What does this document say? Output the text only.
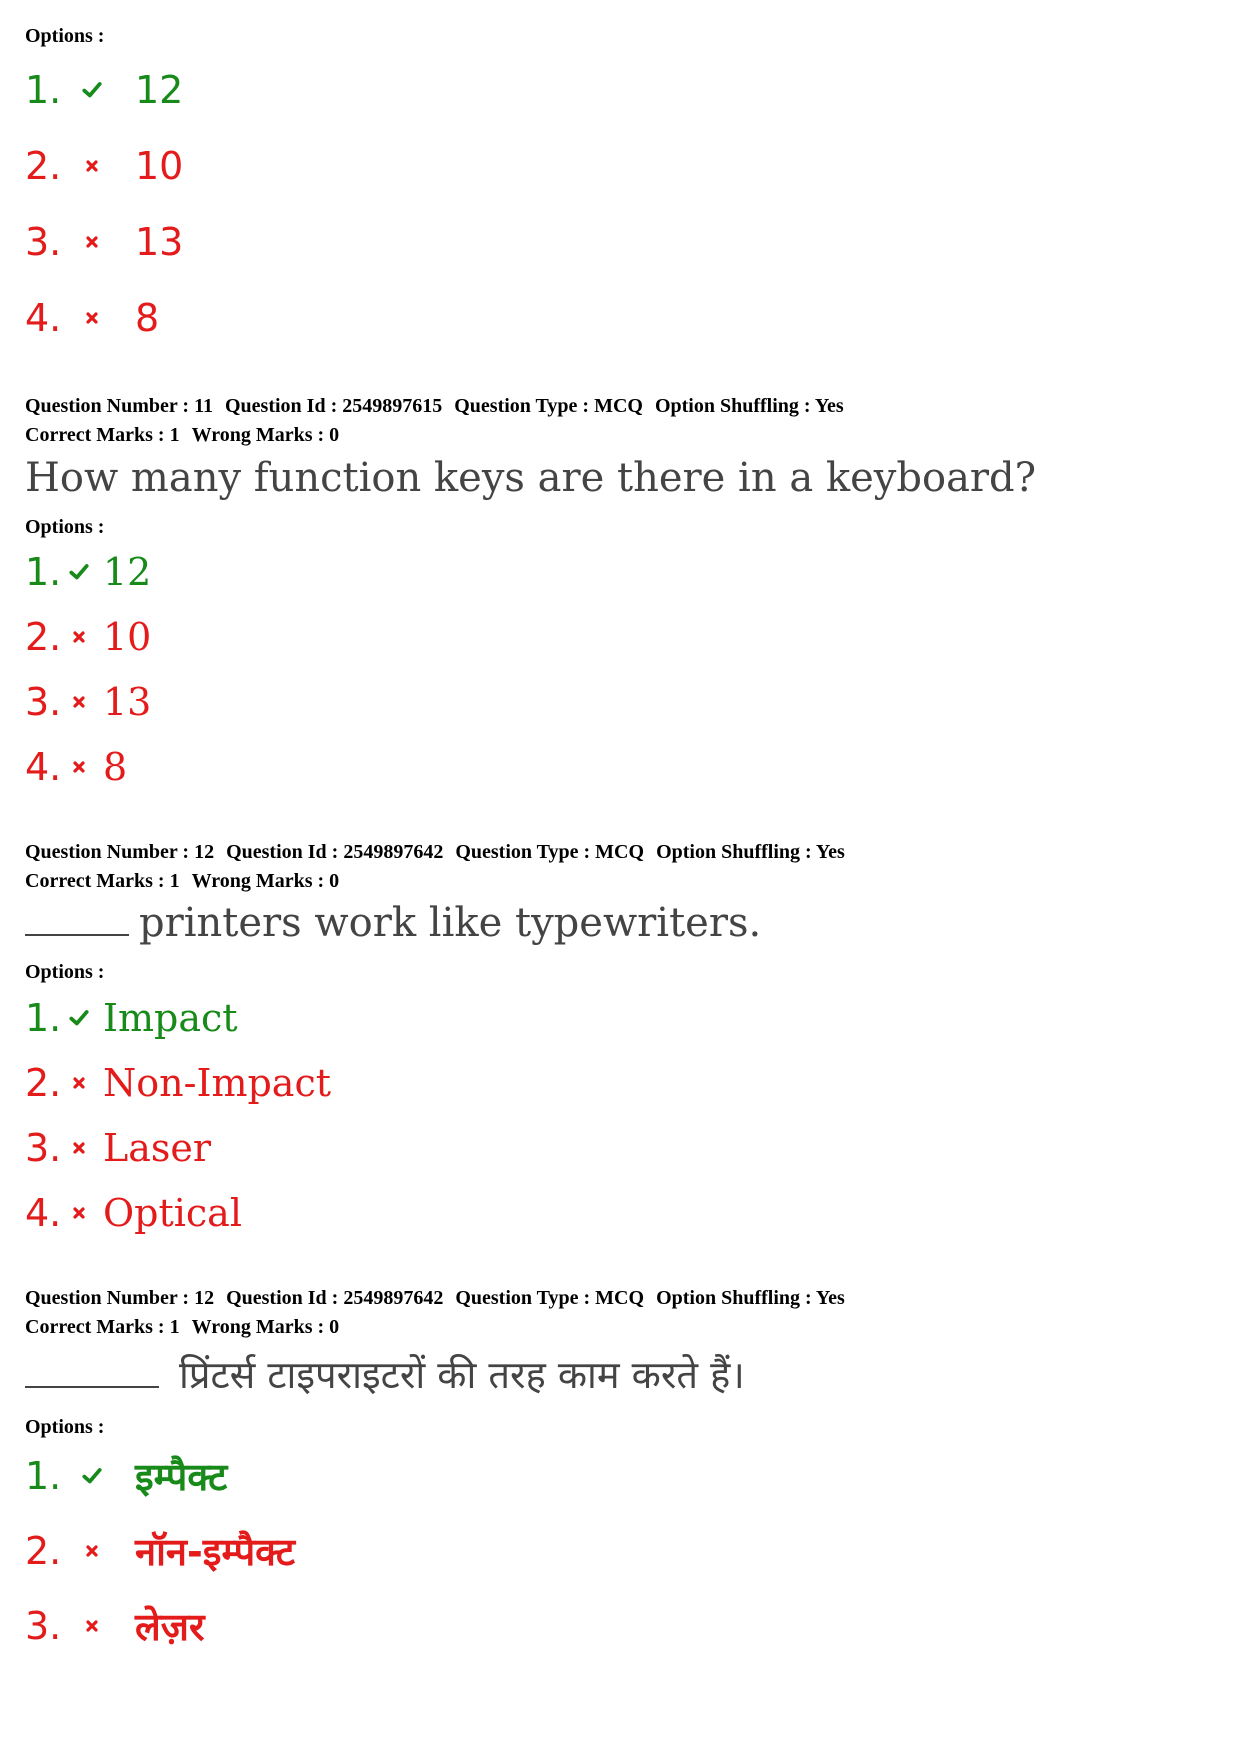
Options :
1.	12
2.	10
3.	13
4.	8
Question Number : 11 Question Id : 2549897615 Question Type : MCQ Option Shuffling : Yes
Correct Marks : 1 Wrong Marks : 0
How many function keys are there in a keyboard?
Options :
1. 12
2. 10
3. 13
4. 8
Question Number : 12 Question Id : 2549897642 Question Type : MCQ Option Shuffling : Yes
Correct Marks : 1 Wrong Marks : 0
printers work like typewriters.
Options :
1. Impact
2. Non-Impact
3. Laser
4. Optical
Question Number : 12 Question Id : 2549897642 Question Type : MCQ Option Shuffling : Yes
Correct Marks : 1 Wrong Marks : 0
प्रिंटर्स टाइपराइटरों की तरह काम करते हैं।
Options :
1.	इम्पैक्ट
2.	नॉन-इम्पैक्ट
3.	लेज़र
